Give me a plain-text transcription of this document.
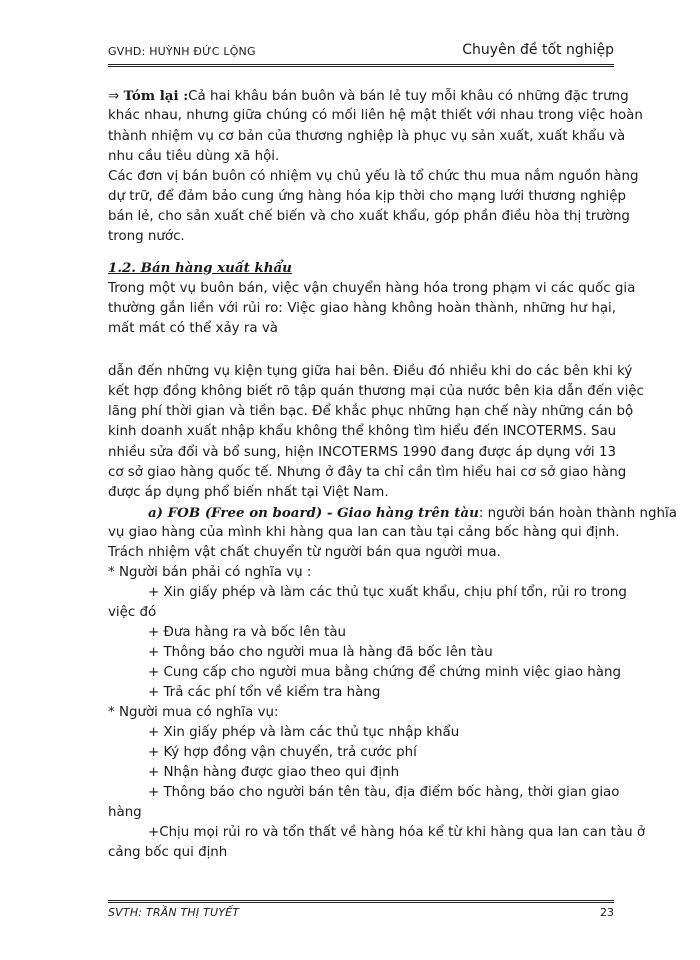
GVHD: HUỲNH ĐỨC LỘNG	Chuyên đề tốt nghiệp
⇒ Tóm lại :Cả hai khâu bán buôn và bán lẻ tuy mỗi khâu có những đặc trưng
khác nhau, nhưng giữa chúng có mối liên hệ mật thiết với nhau trong việc hoàn
thành nhiệm vụ cơ bản của thương nghiệp là phục vụ sản xuất, xuất khẩu và
nhu cầu tiêu dùng xã hội.
Các đơn vị bán buôn có nhiệm vụ chủ yếu là tổ chức thu mua nắm nguồn hàng
dự trữ, để đảm bảo cung ứng hàng hóa kịp thời cho mạng lưới thương nghiệp
bán lẻ, cho sản xuất chế biến và cho xuất khẩu, góp phần điều hòa thị trường
trong nước.
1.2. Bán hàng xuất khẩu
Trong một vụ buôn bán, việc vận chuyển hàng hóa trong phạm vi các quốc gia
thường gắn liền với rủi ro: Việc giao hàng không hoàn thành, những hư hại,
mất mát có thể xảy ra và
dẫn đến những vụ kiện tụng giữa hai bên. Điều đó nhiều khi do các bên khi ký
kết hợp đồng không biết rõ tập quán thương mại của nước bên kia dẫn đến việc
lãng phí thời gian và tiền bạc. Để khắc phục những hạn chế này những cán bộ
kinh doanh xuất nhập khẩu không thể không tìm hiểu đến INCOTERMS. Sau
nhiều sửa đổi và bổ sung, hiện INCOTERMS 1990 đang được áp dụng với 13
cơ sở giao hàng quốc tế. Nhưng ở đây ta chỉ cần tìm hiểu hai cơ sở giao hàng
được áp dụng phổ biến nhất tại Việt Nam.
a) FOB (Free on board) - Giao hàng trên tàu: người bán hoàn thành nghĩa
vụ giao hàng của mình khi hàng qua lan can tàu tại cảng bốc hàng qui định.
Trách nhiệm vật chất chuyển từ người bán qua người mua.
* Người bán phải có nghĩa vụ :
+ Xin giấy phép và làm các thủ tục xuất khẩu, chịu phí tổn, rủi ro trong
việc đó
+ Đưa hàng ra và bốc lên tàu
+ Thông báo cho người mua là hàng đã bốc lên tàu
+ Cung cấp cho người mua bằng chứng để chứng minh việc giao hàng
+ Trả các phí tổn về kiểm tra hàng
* Người mua có nghĩa vụ:
+ Xin giấy phép và làm các thủ tục nhập khẩu
+ Ký hợp đồng vận chuyển, trả cước phí
+ Nhận hàng được giao theo qui định
+ Thông báo cho người bán tên tàu, địa điểm bốc hàng, thời gian giao
hàng
+Chịu mọi rủi ro và tổn thất về hàng hóa kể từ khi hàng qua lan can tàu ở
cảng bốc qui định
SVTH: TRẦN THỊ TUYẾT	23
